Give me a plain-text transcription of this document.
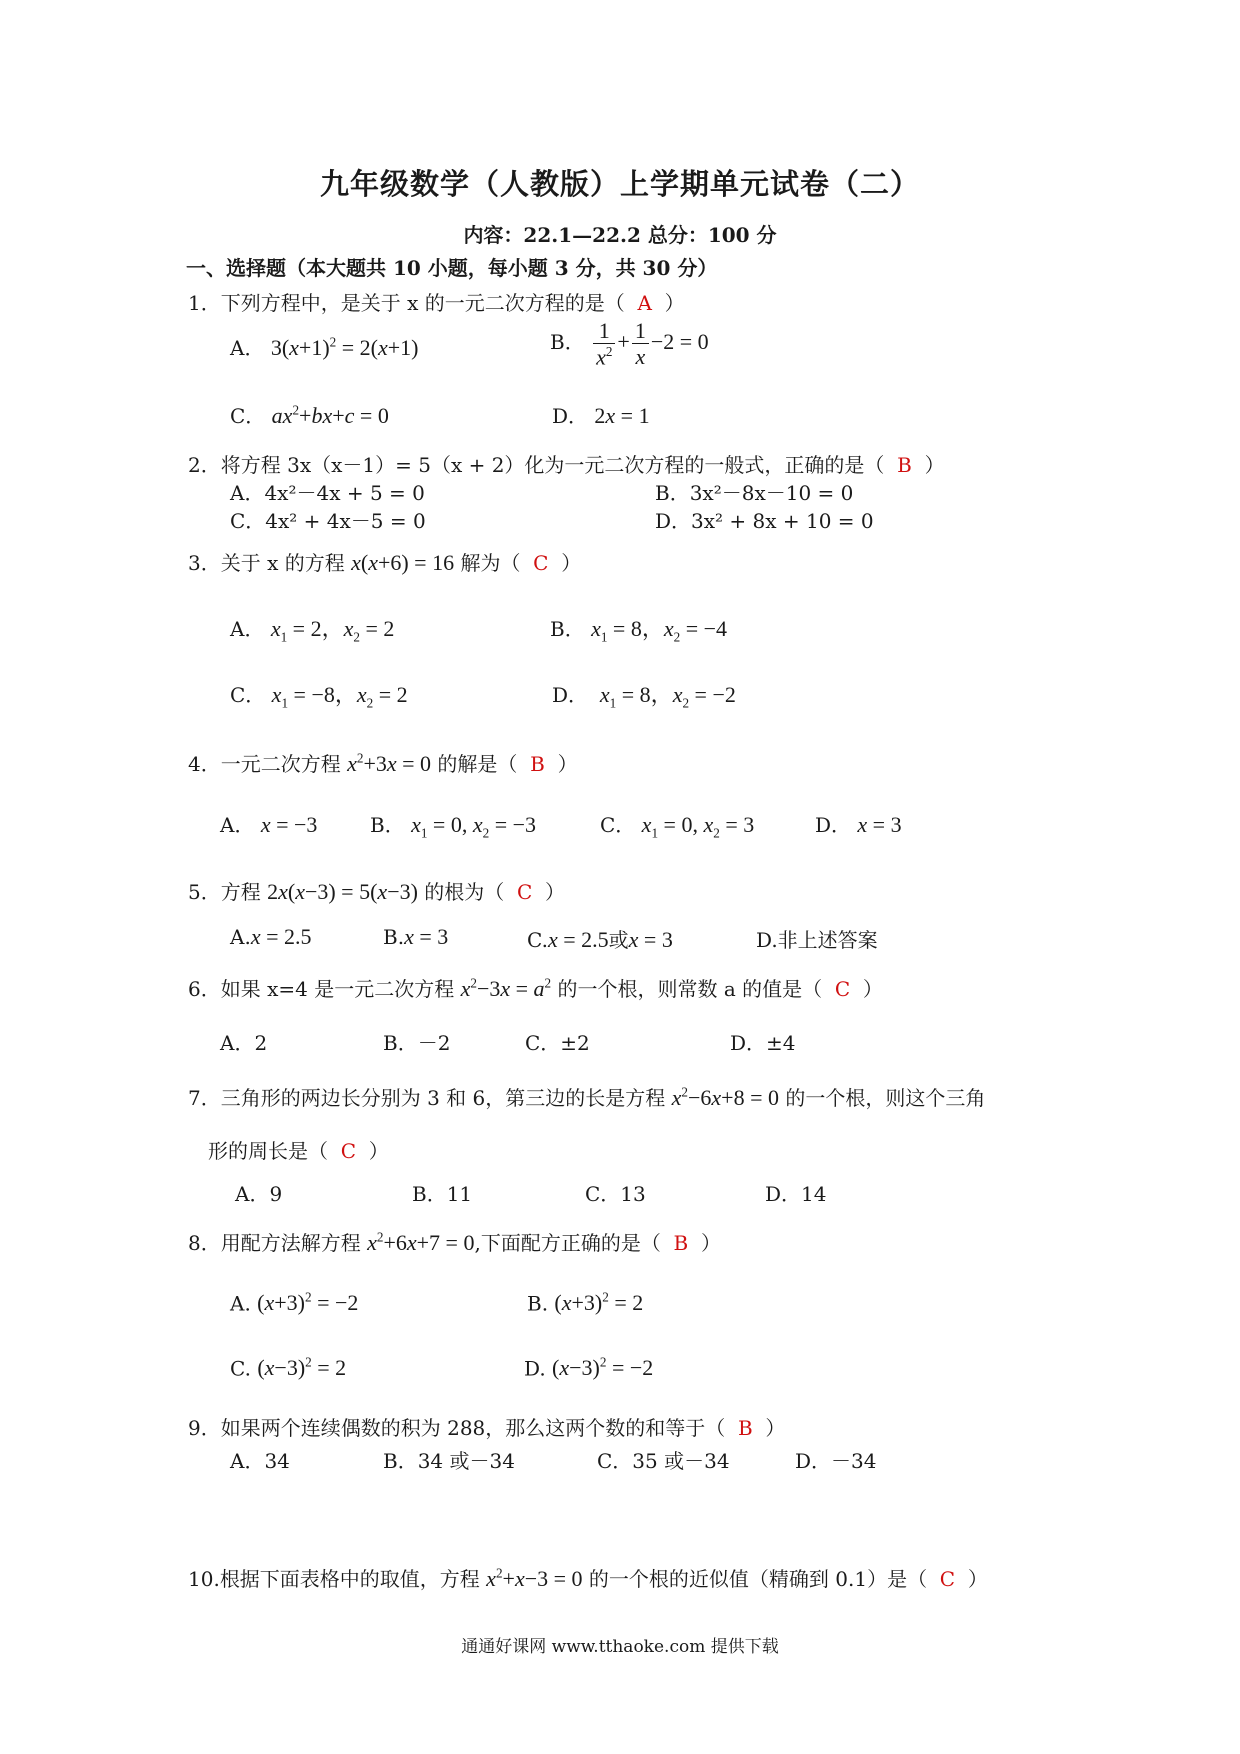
九年级数学（人教版）上学期单元试卷（二）
内容：22.1—22.2 总分：100 分
一、选择题（本大题共 10 小题，每小题 3 分，共 30 分）
1．下列方程中，是关于 x 的一元二次方程的是（ A ）
A． $3(x+1)^2 = 2(x+1)$	B． $\frac{1}{x^2} + \frac{1}{x} -2 = 0$
C． $ax^2+bx+c = 0$	D． 2x = 1
2．将方程 3x（x－1）= 5（x + 2）化为一元二次方程的一般式，正确的是（ B ）
A．4x²－4x + 5 = 0	B．3x²－8x－10 = 0
C．4x² + 4x－5 = 0	D．3x² + 8x + 10 = 0
3．关于 x 的方程 x(x+6) = 16 解为（ C ）
A． $x_1 = 2$，$x_2 = 2$	B． $x_1 = 8$，$x_2 = -4$
C． $x_1 = -8$，$x_2 = 2$	D． $x_1 = 8$，$x_2 = -2$
4．一元二次方程 $x^2+3x = 0$ 的解是（ B ）
A． x = −3	B． $x_1 = 0$, $x_2 = -3$	C． $x_1 = 0$, $x_2 = 3$	D． x = 3
5．方程 2x(x−3) = 5(x−3) 的根为（ C ）
A.x = 2.5	B.x = 3	C.x = 2.5或x = 3	D.非上述答案
6．如果 x=4 是一元二次方程 $x^2-3x = a^2$ 的一个根，则常数 a 的值是（ C ）
A．2	B．－2	C．±2	D．±4
7．三角形的两边长分别为 3 和 6，第三边的长是方程 $x^2-6x+8 = 0$ 的一个根，则这个三角
形的周长是（ C ）
A．9	B．11	C．13	D．14
8．用配方法解方程 $x^2+6x+7 = 0$,下面配方正确的是（ B ）
A. $(x+3)^2 = -2$	B. $(x+3)^2 = 2$
C. $(x-3)^2 = 2$	D. $(x-3)^2 = -2$
9．如果两个连续偶数的积为 288，那么这两个数的和等于（ B ）
A．34	B．34 或－34	C．35 或－34	D．－34
10.根据下面表格中的取值，方程 $x^2+x-3 = 0$ 的一个根的近似值（精确到 0.1）是（ C ）
通通好课网 www.tthaoke.com 提供下载
